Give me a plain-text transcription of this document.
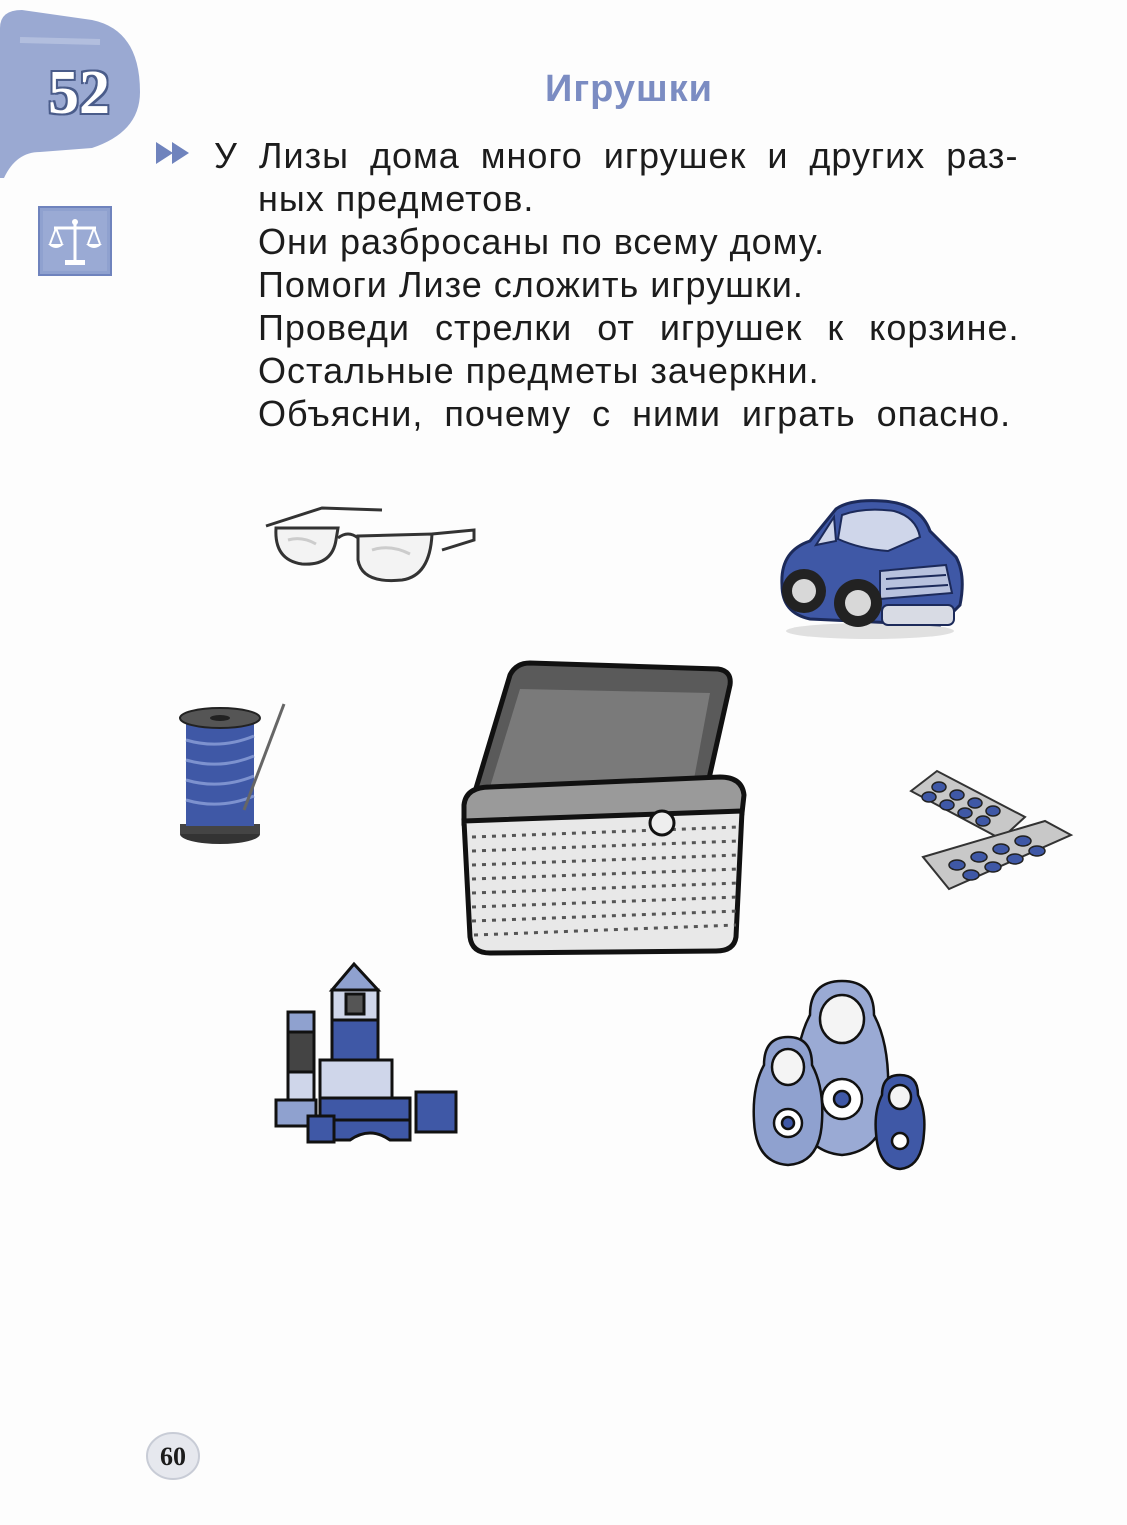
52	Игрушки
У Лизы дома много игрушек и других раз-
ных предметов.
Они разбросаны по всему дому.
Помоги Лизе сложить игрушки.
Проведи стрелки от игрушек к корзине.
Остальные предметы зачеркни.
Объясни, почему с ними играть опасно.
60
